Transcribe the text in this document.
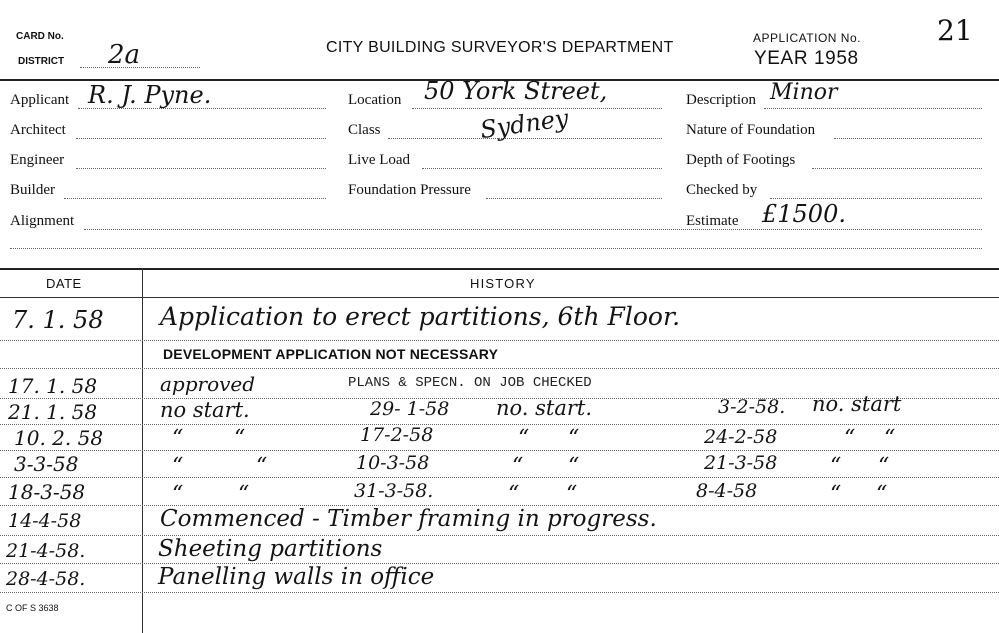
CARD No.
DISTRICT 2a	CITY BUILDING SURVEYOR'S DEPARTMENT
APPLICATION No.	21
YEAR 1958
Applicant R. J. Pyne.
Architect
Engineer
Builder
Alignment
Location 50 York Street,
Class	Sydney
Live Load
Foundation Pressure
Description Minor
Nature of Foundation
Depth of Footings
Checked by
Estimate £1500.
DATE	HISTORY
7. 1. 58 Application to erect partitions, 6th Floor.
DEVELOPMENT APPLICATION NOT NECESSARY
17. 1. 58	approved	PLANS & SPECN. ON JOB CHECKED
21. 1. 58	no start.	29- 1-58 no. start.	3-2-58. no. start
10. 2. 58	“ “	17-2-58	“ “	24-2-58	“ “
3-3-58	“	“	10-3-58	“ “	21-3-58 “ “
18-3-58	“ “	31-3-58.	“ “	8-4-58	“ “
14-4-58	Commenced - Timber framing in progress.
21-4-58.	Sheeting partitions
28-4-58.	Panelling walls in office
C OF S 3638
